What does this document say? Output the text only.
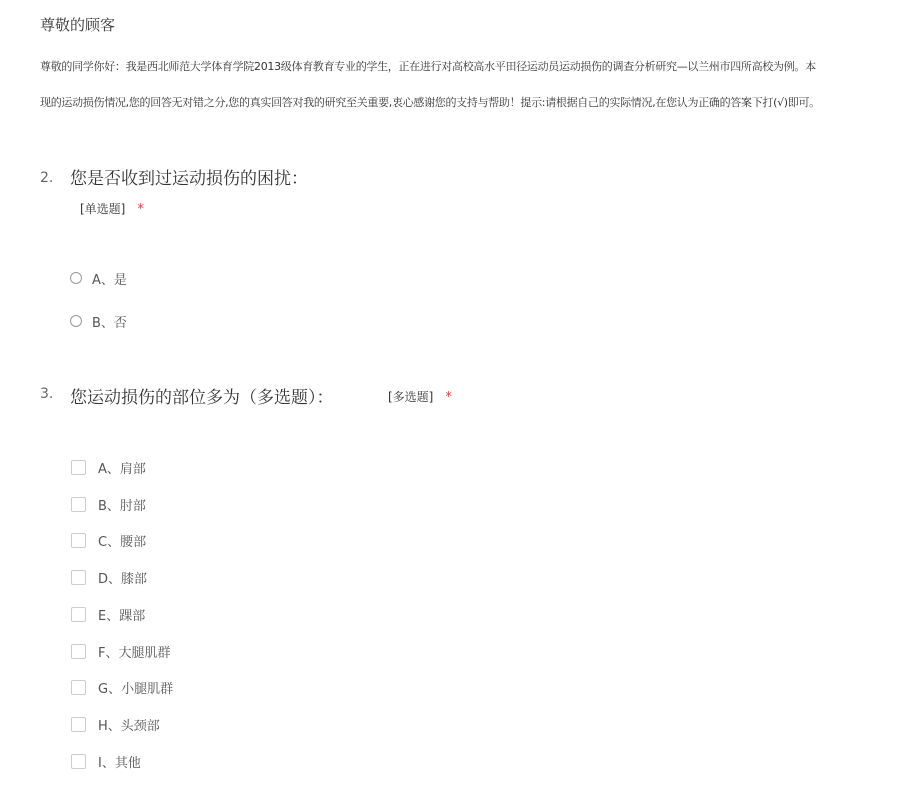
尊敬的顾客
尊敬的同学你好：我是西北师范大学体育学院2013级体育教育专业的学生，正在进行对高校高水平田径运动员运动损伤的调查分析研究—以兰州市四所高校为例。本
现的运动损伤情况,您的回答无对错之分,您的真实回答对我的研究至关重要,衷心感谢您的支持与帮助！提示:请根据自己的实际情况,在您认为正确的答案下打(√)即可。
2. 您是否收到过运动损伤的困扰：
[单选题] *
A、是
B、否
3. 您运动损伤的部位多为（多选题）：	[多选题] *
A、肩部
B、肘部
C、腰部
D、膝部
E、踝部
F、大腿肌群
G、小腿肌群
H、头颈部
I、其他
